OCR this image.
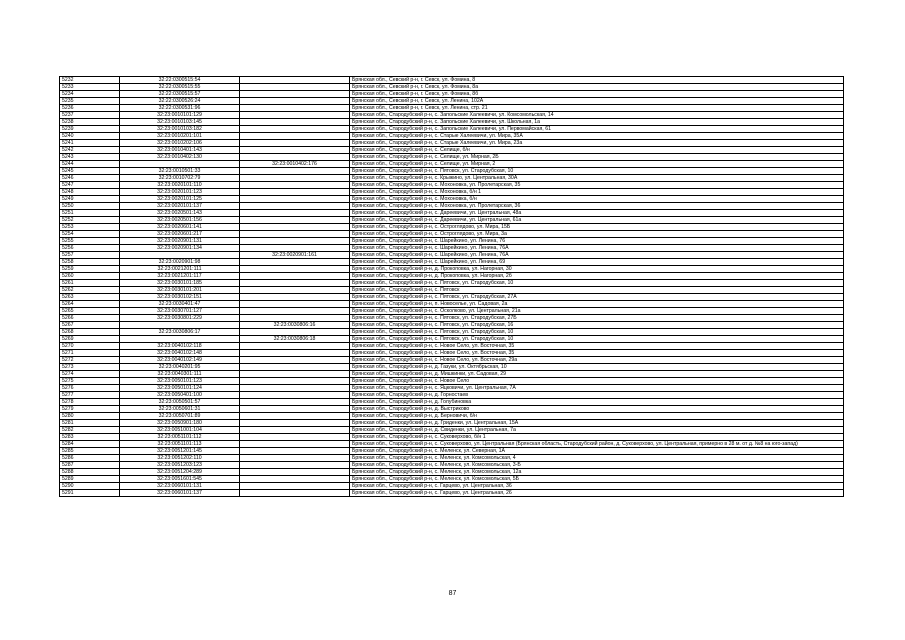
5232	32:22:0300515:54		Брянская обл., Севский р-н, г. Севск, ул. Фомина, 8
5233	32:22:0300515:55		Брянская обл., Севский р-н, г. Севск, ул. Фомина, 8а
5234	32:22:0300515:57		Брянская обл., Севский р-н, г. Севск, ул. Фомина, 8б
5235	32:22:0300526:24		Брянская обл., Севский р-н, г. Севск, ул. Ленина, 102А
5236	32:22:0300531:96		Брянская обл., Севский р-н, г. Севск, ул. Ленина, стр. 21
5237	32:23:0010101:129		Брянская обл., Стародубский р-н, с. Запольские Халеевичи, ул. Комсомольская, 14
5238	32:23:0010103:145		Брянская обл., Стародубский р-н, с. Запольские Халеевичи, ул. Школьная, 1а
5239	32:23:0010103:182		Брянская обл., Стародубский р-н, с. Запольские Халеевичи, ул. Первомайская, 61
5240	32:23:0010201:101		Брянская обл., Стародубский р-н, с. Старые Халеевичи, ул. Мира, 35А
5241	32:23:0010202:106		Брянская обл., Стародубский р-н, с. Старые Халеевичи, ул. Мира, 23а
5242	32:23:0010401:143		Брянская обл., Стародубский р-н, с. Селище, б/н
5243	32:23:0010402:130		Брянская обл., Стародубский р-н, с. Селище, ул. Мирная, 2Б
5244		32:23:0010402:176	Брянская обл., Стародубский р-н, с. Селище, ул. Мирная, 2
5245	32:23:0010501:33		Брянская обл., Стародубский р-н, с. Пятовск, ул. Стародубская, 10
5246	32:23:0010702:79		Брянская обл., Стародубский р-н, с. Крыжино, ул. Центральная, 30А
5247	32:23:0020101:110		Брянская обл., Стародубский р-н, с. Мохоновка, ул. Пролетарская, 35
5248	32:23:0020101:123		Брянская обл., Стародубский р-н, с. Мохоновка, б/н 1
5249	32:23:0020101:125		Брянская обл., Стародубский р-н, с. Мохоновка, б/н
5250	32:23:0020101:137		Брянская обл., Стародубский р-н, с. Мохоновка, ул. Пролетарская, 36
5251	32:23:0020501:143		Брянская обл., Стародубский р-н, с. Дареевичи, ул. Центральная, 48а
5252	32:23:0020501:156		Брянская обл., Стародубский р-н, с. Дареевичи, ул. Центральная, 61а
5253	32:23:0020601:141		Брянская обл., Стародубский р-н, с. Остроглядово, ул. Мира, 15Б
5254	32:23:0020601:217		Брянская обл., Стародубский р-н, с. Остроглядово, ул. Мира, 3а
5255	32:23:0020901:131		Брянская обл., Стародубский р-н, с. Шарейкино, ул. Ленина, 76
5256	32:23:0020901:134		Брянская обл., Стародубский р-н, с. Шарейкино, ул. Ленина, 76А
5257		32:23:0020901:161	Брянская обл., Стародубский р-н, с. Шарейкино, ул. Ленина, 76А
5258	32:23:0020901:98		Брянская обл., Стародубский р-н, с. Шарейкино, ул. Ленина, 69
5259	32:23:0021201:111		Брянская обл., Стародубский р-н, д. Прокоповка, ул. Нагорная, 30
5260	32:23:0021201:117		Брянская обл., Стародубский р-н, д. Прокоповка, ул. Нагорная, 2б
5261	32:23:0030101:185		Брянская обл., Стародубский р-н, с. Пятовск, ул. Стародубская, 10
5262	32:23:0030101:201		Брянская обл., Стародубский р-н, с. Пятовск
5263	32:23:0030102:151		Брянская обл., Стародубский р-н, с. Пятовск, ул. Стародубская, 27А
5264	32:23:0030401:47		Брянская обл., Стародубский р-н, п. Новоселье, ул. Садовая, 2а
5265	32:23:0030701:127		Брянская обл., Стародубский р-н, с. Осколково, ул. Центральная, 21а
5266	32:23:0030801:229		Брянская обл., Стародубский р-н, с. Пятовск, ул. Стародубская, 27Б
5267		32:23:0030806:16	Брянская обл., Стародубский р-н, с. Пятовск, ул. Стародубская, 16
5268	32:23:0030806:17		Брянская обл., Стародубский р-н, с. Пятовск, ул. Стародубская, 10
5269		32:23:0030806:18	Брянская обл., Стародубский р-н, с. Пятовск, ул. Стародубская, 10
5270	32:23:0040102:118		Брянская обл., Стародубский р-н, с. Новое Село, ул. Восточная, 35
5271	32:23:0040102:148		Брянская обл., Стародубский р-н, с. Новое Село, ул. Восточная, 35
5272	32:23:0040102:149		Брянская обл., Стародубский р-н, с. Новое Село, ул. Восточная, 29а
5273	32:23:0040201:95		Брянская обл., Стародубский р-н, д. Газуки, ул. Октябрьская, 10
5274	32:23:0040301:111		Брянская обл., Стародубский р-н, д. Мишкинки, ул. Садовая, 29
5275	32:23:0050101:123		Брянская обл., Стародубский р-н, с. Новое Село
5276	32:23:0050101:124		Брянская обл., Стародубский р-н, с. Яцковичи, ул. Центральная, 7А
5277	32:23:0050401:100		Брянская обл., Стародубский р-н, д. Горностаев
5278	32:23:0050501:57		Брянская обл., Стародубский р-н, д. Голубиновка
5279	32:23:0050601:31		Брянская обл., Стародубский р-н, д. Выстриково
5280	32:23:0050701:89		Брянская обл., Стародубский р-н, д. Берновичи, б/н
5281	32:23:0050901:180		Брянская обл., Стародубский р-н, д. Гриденки, ул. Центральная, 15А
5282	32:23:0051001:104		Брянская обл., Стародубский р-н, д. Свиденки, ул. Центральная, 7а
5283	32:23:0051101:112		Брянская обл., Стародубский р-н, с. Суковерхово, б/н 1
5284	32:23:0051101:113		Брянская обл., Стародубский р-н, с. Суковерхово, ул. Центральная (Брянская область, Стародубский район, д. Суковерхово, ул. Центральная, примерно в 28 м. от д. №8 на юго-запад)
5285	32:23:0051201:145		Брянская обл., Стародубский р-н, с. Меленск, ул. Северная, 1А
5286	32:23:0051202:110		Брянская обл., Стародубский р-н, с. Меленск, ул. Комсомольская, 4
5287	32:23:0051203:123		Брянская обл., Стародубский р-н, с. Меленск, ул. Комсомольская, 3-Б
5288	32:23:0051204:289		Брянская обл., Стародубский р-н, с. Меленск, ул. Комсомольская, 12а
5289	32:23:0051601:545		Брянская обл., Стародубский р-н, с. Меленск, ул. Комсомольская, 5Б
5290	32:23:0060101:131		Брянская обл., Стародубский р-н, с. Гарцево, ул. Центральная, 36
5291	32:23:0060101:137		Брянская обл., Стародубский р-н, с. Гарцево, ул. Центральная, 26
87
